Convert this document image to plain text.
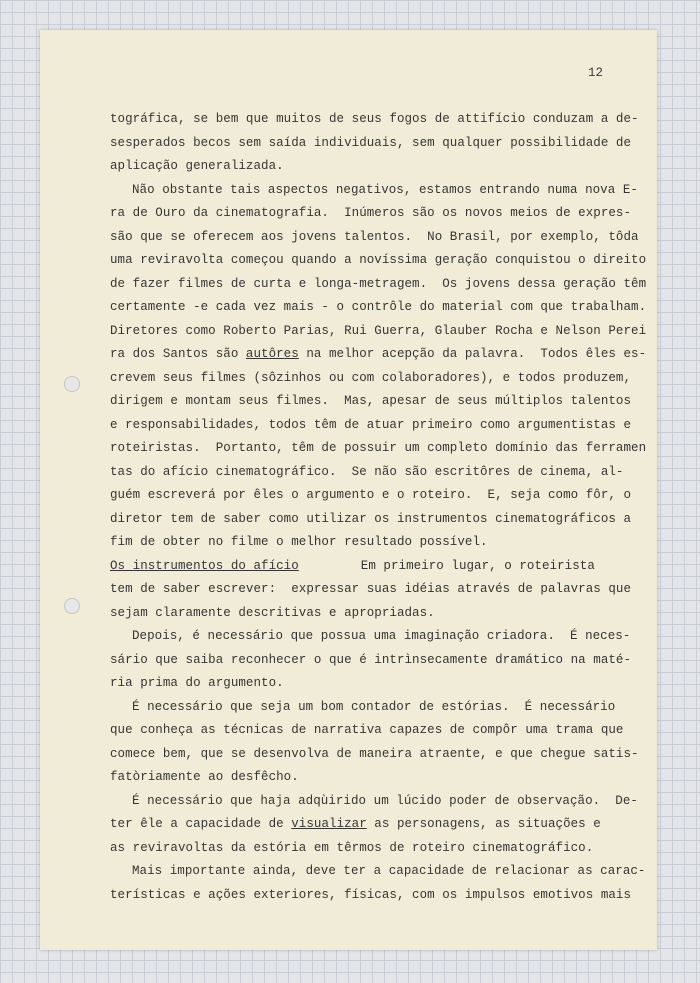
12
tográfica, se bem que muitos de seus fogos de attifício conduzam a de-
sesperados becos sem saída individuais, sem qualquer possibilidade de
aplicação generalizada.
Não obstante tais aspectos negativos, estamos entrando numa nova E-
ra de Ouro da cinematografia.  Inúmeros são os novos meios de expres-
são que se oferecem aos jovens talentos.  No Brasil, por exemplo, tôda
uma reviravolta começou quando a novíssima geração conquistou o direito
de fazer filmes de curta e longa-metragem.  Os jovens dessa geração têm
certamente -e cada vez mais - o contrôle do material com que trabalham.
Diretores como Roberto Parias, Rui Guerra, Glauber Rocha e Nelson Perei
ra dos Santos são autôres na melhor acepção da palavra.  Todos êles es-
crevem seus filmes (sôzinhos ou com colaboradores), e todos produzem,
dirigem e montam seus filmes.  Mas, apesar de seus múltiplos talentos
e responsabilidades, todos têm de atuar primeiro como argumentistas e
roteiristas.  Portanto, têm de possuir um completo domínio das ferramen
tas do afício cinematográfico.  Se não são escritôres de cinema, al-
guém escreverá por êles o argumento e o roteiro.  E, seja como fôr, o
diretor tem de saber como utilizar os instrumentos cinematográficos a
fim de obter no filme o melhor resultado possível.
Os instrumentos do afício	Em primeiro lugar, o roteirista
tem de saber escrever:  expressar suas idéias através de palavras que
sejam claramente descritivas e apropriadas.
Depois, é necessário que possua uma imaginação criadora.  É neces-
sário que saiba reconhecer o que é intrìnsecamente dramático na maté-
ria prima do argumento.
É necessário que seja um bom contador de estórias.  É necessário
que conheça as técnicas de narrativa capazes de compôr uma trama que
comece bem, que se desenvolva de maneira atraente, e que chegue satis-
fatòriamente ao desfêcho.
É necessário que haja adqùirido um lúcido poder de observação.  De-
ter êle a capacidade de visualizar as personagens, as situações e
as reviravoltas da estória em têrmos de roteiro cinematográfico.
Mais importante ainda, deve ter a capacidade de relacionar as carac-
terísticas e ações exteriores, físicas, com os impulsos emotivos mais
